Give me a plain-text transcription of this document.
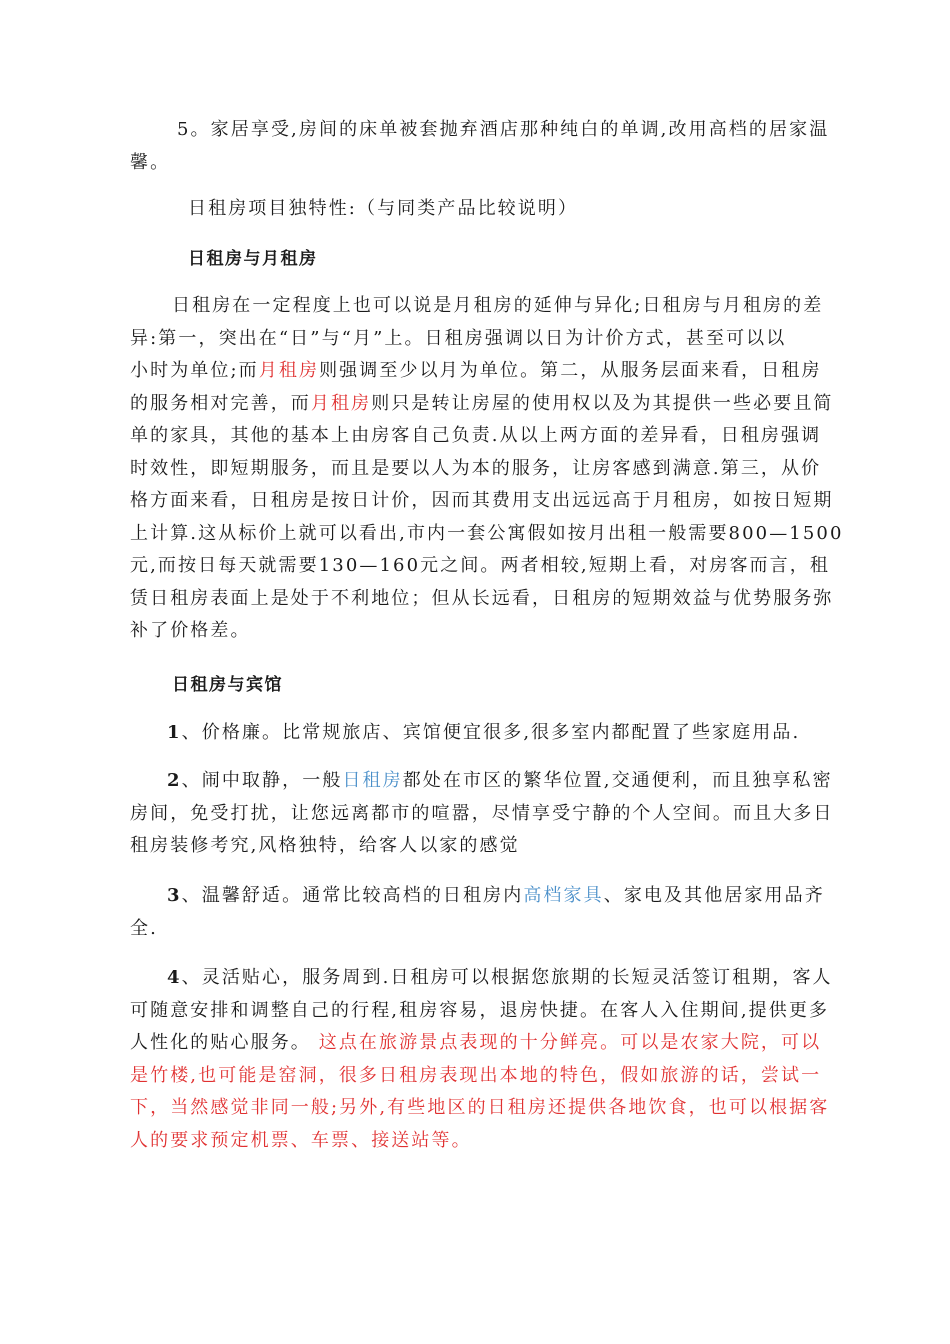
5。家居享受,房间的床单被套抛弃酒店那种纯白的单调,改用高档的居家温
馨。
日租房项目独特性:（与同类产品比较说明）
日租房与月租房
日租房在一定程度上也可以说是月租房的延伸与异化;日租房与月租房的差
异:第一，突出在“日”与“月”上。日租房强调以日为计价方式，甚至可以以
小时为单位;而月租房则强调至少以月为单位。第二，从服务层面来看，日租房
的服务相对完善，而月租房则只是转让房屋的使用权以及为其提供一些必要且简
单的家具，其他的基本上由房客自己负责.从以上两方面的差异看，日租房强调
时效性，即短期服务，而且是要以人为本的服务，让房客感到满意.第三，从价
格方面来看，日租房是按日计价，因而其费用支出远远高于月租房，如按日短期
上计算.这从标价上就可以看出,市内一套公寓假如按月出租一般需要800—1500
元,而按日每天就需要130—160元之间。两者相较,短期上看，对房客而言，租
赁日租房表面上是处于不利地位；但从长远看，日租房的短期效益与优势服务弥
补了价格差。
日租房与宾馆
1、价格廉。比常规旅店、宾馆便宜很多,很多室内都配置了些家庭用品.
2、闹中取静，一般日租房都处在市区的繁华位置,交通便利，而且独享私密
房间，免受打扰，让您远离都市的喧嚣，尽情享受宁静的个人空间。而且大多日
租房装修考究,风格独特，给客人以家的感觉
3、温馨舒适。通常比较高档的日租房内高档家具、家电及其他居家用品齐
全.
4、灵活贴心，服务周到.日租房可以根据您旅期的长短灵活签订租期，客人
可随意安排和调整自己的行程,租房容易，退房快捷。在客人入住期间,提供更多
人性化的贴心服务。 这点在旅游景点表现的十分鲜亮。可以是农家大院，可以
是竹楼,也可能是窑洞，很多日租房表现出本地的特色，假如旅游的话，尝试一
下，当然感觉非同一般;另外,有些地区的日租房还提供各地饮食，也可以根据客
人的要求预定机票、车票、接送站等。
